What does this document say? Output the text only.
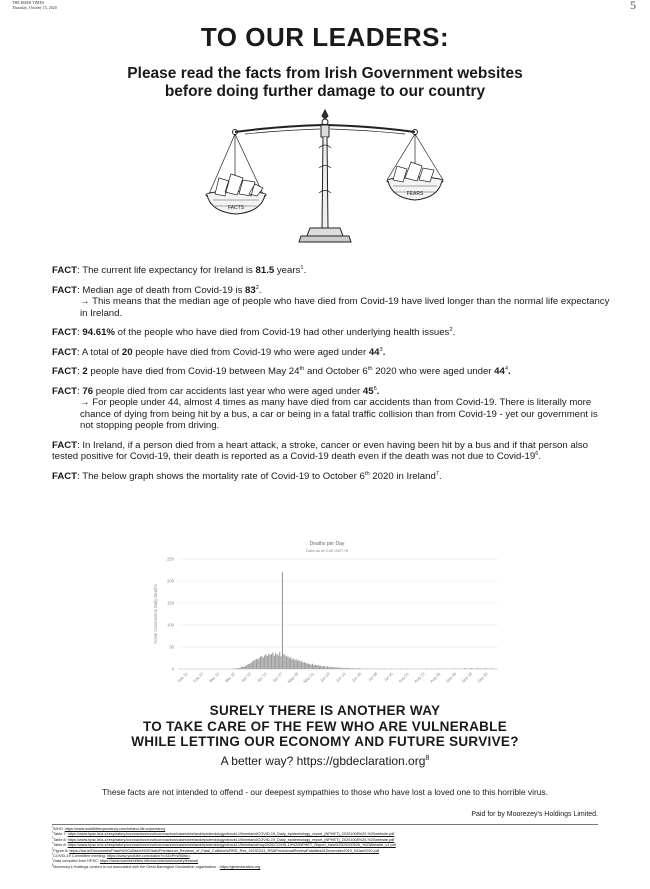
THE IRISH TIMES
Thursday, October 15, 2020	5
TO OUR LEADERS:
Please read the facts from Irish Government websites
before doing further damage to our country
FACTS
FEARS
FACT: The current life expectancy for Ireland is 81.5 years$^1$.
FACT: Median age of death from Covid-19 is $83^2$.
→ This means that the median age of people who have died from Covid-19 have lived longer than the normal life expectancy in Ireland.
FACT: 94.61% of the people who have died from Covid-19 had other underlying health issues$^2$.
FACT: A total of 20 people have died from Covid-19 who were aged under $44^3$.
FACT: 2 people have died from Covid-19 between May 24th and October 6th 2020 who were aged under $44^4$.
FACT: 76 people died from car accidents last year who were aged under $45^5$.
→ For people under 44, almost 4 times as many have died from car accidents than from Covid-19. There is literally more chance of dying from being hit by a bus, a car or being in a fatal traffic collision than from Covid-19 - yet our government is not stopping people from driving.
FACT: In Ireland, if a person died from a heart attack, a stroke, cancer or even having been hit by a bus and if that person also tested positive for Covid-19, their death is reported as a Covid-19 death even if the death was not due to Covid-$19^6$.
FACT: The below graph shows the mortality rate of Covid-19 to October 6th 2020 in Ireland$^7$.
Deaths per Day
Data as of 0:00 GMT+8
0
50
100
150
200
250
Novel Coronavirus Daily Deaths
Feb 15 Feb 27 Mar 10 Mar 22 Apr 03 Apr 15 Apr 27 May 09 May 21 Jun 02 Jun 14 Jun 26 Jul 08 Jul 20 Aug 01 Aug 13 Aug 25 Sep 06 Sep 18 Sep 30
SURELY THERE IS ANOTHER WAY
TO TAKE CARE OF THE FEW WHO ARE VULNERABLE
WHILE LETTING OUR ECONOMY AND FUTURE SURVIVE?
A better way? https://gbdeclaration.org$^8$
These facts are not intended to offend - our deepest sympathies to those who have lost a loved one to this horrible virus.
Paid for by Moorezey's Holdings Limited.
$^1$WHO: https://www.worldlifeexpectancy.com/ireland-life-expectancy
$^2$Table 7: https://www.hpsc.ie/a-z/respiratory/coronavirus/novelcoronavirus/casesinireland/epidemiologyofcovid-19inireland/COVID-19_Daily_epidemiology_report_(NPHET)_20201008%20-%20website.pdf
$^3$Table 8: https://www.hpsc.ie/a-z/respiratory/coronavirus/novelcoronavirus/casesinireland/epidemiologyofcovid-19inireland/COVID-19_Daily_epidemiology_report_(NPHET)_20201008%20-%20website.pdf
$^4$Table 8: https://www.hpsc.ie/a-z/respiratory/coronavirus/novelcoronavirus/casesinireland/epidemiologyofcovid-19inireland/may2020/COVID-19%20NPHET_Report_New%2020200526_%20Website_v1.pdf
$^5$Figure 8: https://rsa.ie/Documents/Fatal%20Collision%20Stats/Provisional_Reviews_of_Fatal_Collisions/RRD_Res_20191231_RSAProvisionalReviewFatalities31December2019_03Jan2020.pdf
$^6$COVID-19 Committee meeting: https://www.youtube.com/watch?v=tZoPnWWaxu
$^7$Data compiled from HPSC: https://www.worldometers.info/coronavirus/country/ireland/
$^8$Moorezey's Holdings Limited is not associated with the Great Barrington Declaration organisation - https://gbdeclaration.org
